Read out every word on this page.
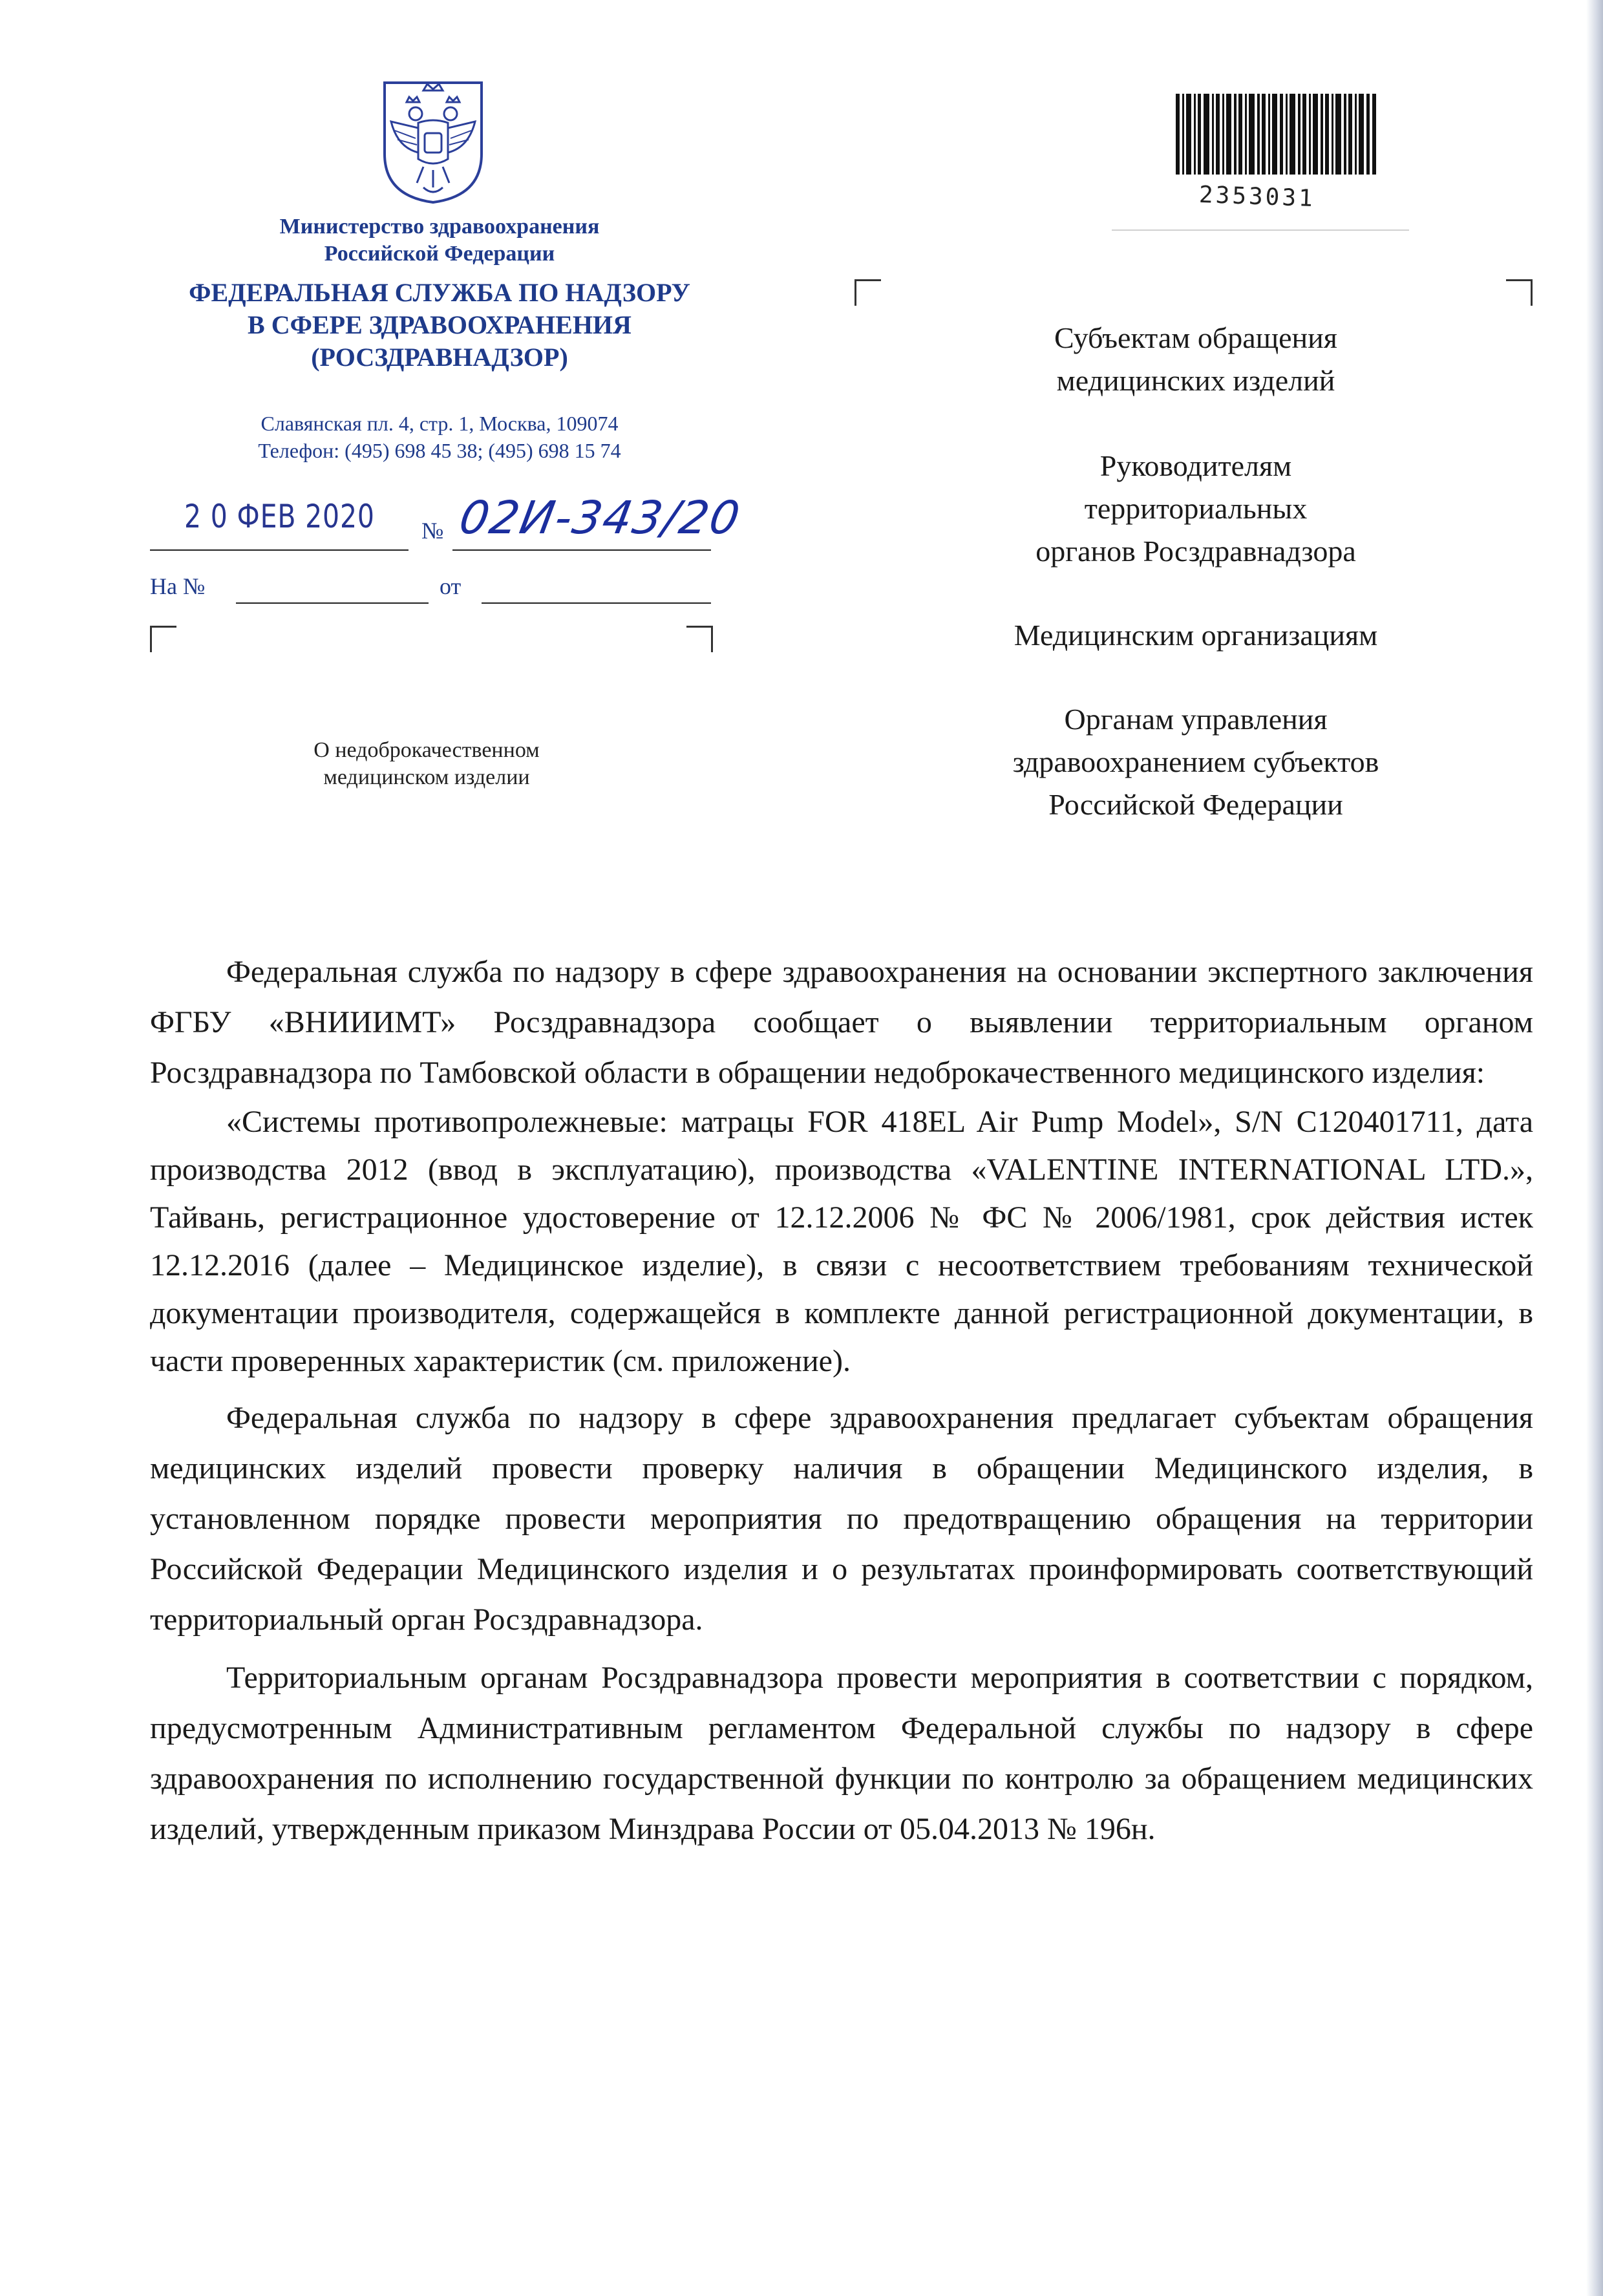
Министерство здравоохранения
Российской Федерации
ФЕДЕРАЛЬНАЯ СЛУЖБА ПО НАДЗОРУ
В СФЕРЕ ЗДРАВООХРАНЕНИЯ
(РОСЗДРАВНАДЗОР)
Славянская пл. 4, стр. 1, Москва, 109074
Телефон: (495) 698 45 38; (495) 698 15 74
2 0 ФЕВ 2020 № 02И-343/20
На №	от
О недоброкачественном
медицинском изделии
2353031
Субъектам обращения
медицинских изделий
Руководителям
территориальных
органов Росздравнадзора
Медицинским организациям
Органам управления
здравоохранением субъектов
Российской Федерации

Федеральная служба по надзору в сфере здравоохранения на основании экспертного заключения ФГБУ «ВНИИИМТ» Росздравнадзора сообщает о выявлении территориальным органом Росздравнадзора по Тамбовской области в обращении недоброкачественного медицинского изделия:

«Системы противопролежневые: матрацы FOR 418EL Air Pump Model», S/N C120401711, дата производства 2012 (ввод в эксплуатацию), производства «VALENTINE INTERNATIONAL LTD.», Тайвань, регистрационное удостоверение от 12.12.2006 № ФС № 2006/1981, срок действия истек 12.12.2016 (далее – Медицинское изделие), в связи с несоответствием требованиям технической документации производителя, содержащейся в комплекте данной регистрационной документации, в части проверенных характеристик (см. приложение).

Федеральная служба по надзору в сфере здравоохранения предлагает субъектам обращения медицинских изделий провести проверку наличия в обращении Медицинского изделия, в установленном порядке провести мероприятия по предотвращению обращения на территории Российской Федерации Медицинского изделия и о результатах проинформировать соответствующий территориальный орган Росздравнадзора.

Территориальным органам Росздравнадзора провести мероприятия в соответствии с порядком, предусмотренным Административным регламентом Федеральной службы по надзору в сфере здравоохранения по исполнению государственной функции по контролю за обращением медицинских изделий, утвержденным приказом Минздрава России от 05.04.2013 № 196н.
